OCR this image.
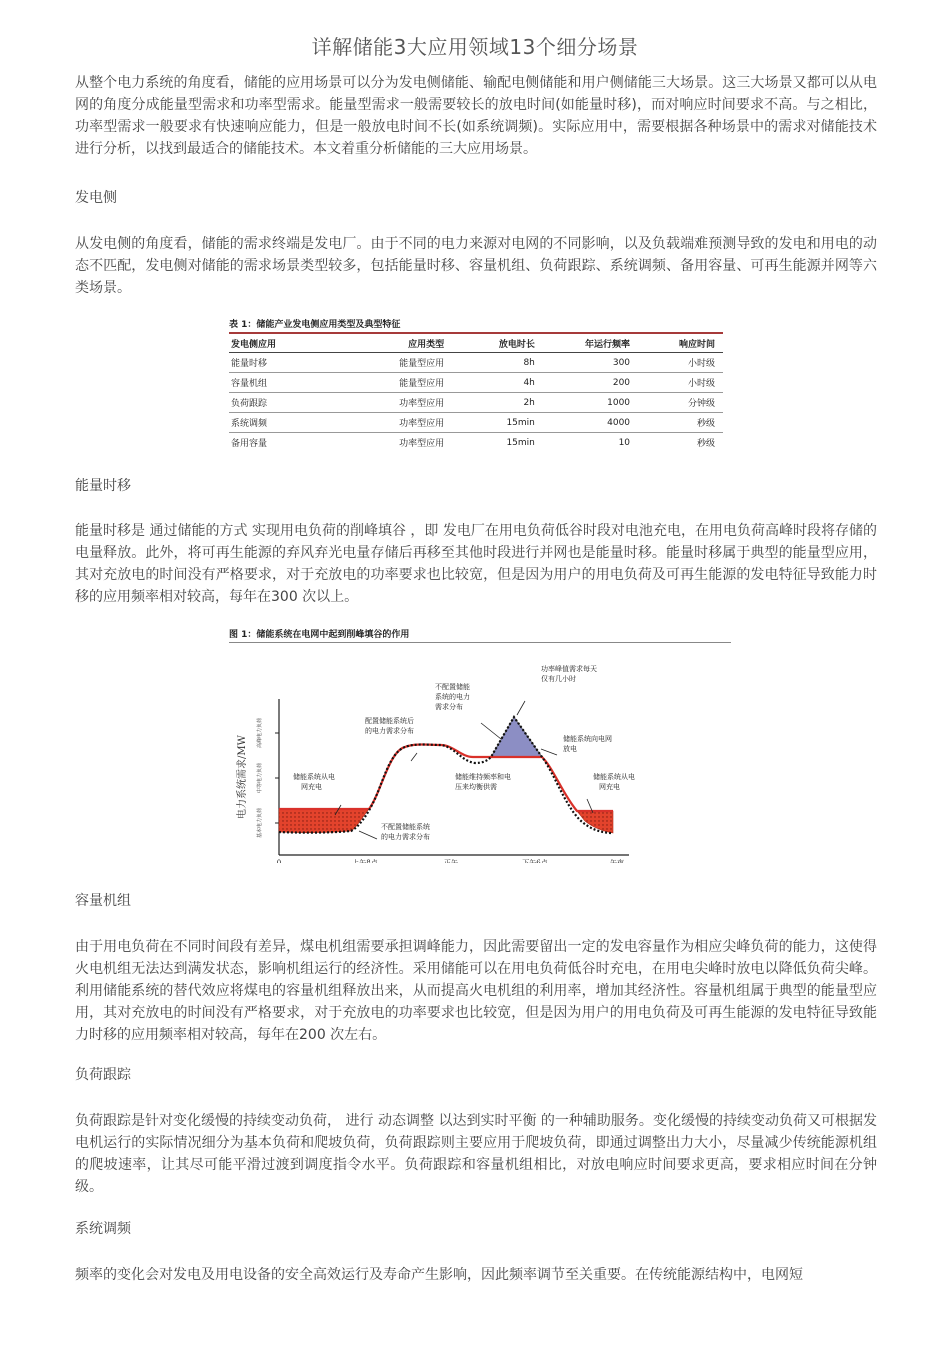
详解储能3大应用领域13个细分场景

从整个电力系统的角度看，储能的应用场景可以分为发电侧储能、输配电侧储能和用户侧储能三大场景。这三大场景又都可以从电网的角度分成能量型需求和功率型需求。能量型需求一般需要较长的放电时间(如能量时移)，而对响应时间要求不高。与之相比，功率型需求一般要求有快速响应能力，但是一般放电时间不长(如系统调频)。实际应用中，需要根据各种场景中的需求对储能技术进行分析，以找到最适合的储能技术。本文着重分析储能的三大应用场景。

发电侧

从发电侧的角度看，储能的需求终端是发电厂。由于不同的电力来源对电网的不同影响，以及负载端难预测导致的发电和用电的动态不匹配，发电侧对储能的需求场景类型较多，包括能量时移、容量机组、负荷跟踪、系统调频、备用容量、可再生能源并网等六类场景。

表 1：储能产业发电侧应用类型及典型特征
发电侧应用	应用类型	放电时长	年运行频率	响应时间
能量时移	能量型应用	8h	300	小时级
容量机组	能量型应用	4h	200	小时级
负荷跟踪	功率型应用	2h	1000	分钟级
系统调频	功率型应用	15min	4000	秒级
备用容量	功率型应用	15min	10	秒级

能量时移

能量时移是 通过储能的方式 实现用电负荷的削峰填谷 ，即 发电厂在用电负荷低谷时段对电池充电，在用电负荷高峰时段将存储的电量释放。此外，将可再生能源的弃风弃光电量存储后再移至其他时段进行并网也是能量时移。能量时移属于典型的能量型应用，其对充放电的时间没有严格要求，对于充放电的功率要求也比较宽，但是因为用户的用电负荷及可再生能源的发电特征导致能力时移的应用频率相对较高，每年在300 次以上。

图 1：储能系统在电网中起到削峰填谷的作用
电力系统需求/MW
高峰电力负荷
中等电力负荷
基本电力负荷
功率峰值需求每天 仅有几小时
不配置储能 系统的电力 需求分布
配置储能系统后 的电力需求分布
储能系统向电网 放电
储能系统从电 网充电
储能维持频率和电 压来均衡供需
储能系统从电 网充电
不配置储能系统 的电力需求分布
0	上午8点	正午	下午6点	午夜

容量机组

由于用电负荷在不同时间段有差异，煤电机组需要承担调峰能力，因此需要留出一定的发电容量作为相应尖峰负荷的能力，这使得火电机组无法达到满发状态，影响机组运行的经济性。采用储能可以在用电负荷低谷时充电，在用电尖峰时放电以降低负荷尖峰。利用储能系统的替代效应将煤电的容量机组释放出来，从而提高火电机组的利用率，增加其经济性。容量机组属于典型的能量型应用，其对充放电的时间没有严格要求，对于充放电的功率要求也比较宽，但是因为用户的用电负荷及可再生能源的发电特征导致能力时移的应用频率相对较高，每年在200 次左右。

负荷跟踪

负荷跟踪是针对变化缓慢的持续变动负荷， 进行 动态调整 以达到实时平衡 的一种辅助服务。变化缓慢的持续变动负荷又可根据发电机运行的实际情况细分为基本负荷和爬坡负荷，负荷跟踪则主要应用于爬坡负荷，即通过调整出力大小，尽量减少传统能源机组的爬坡速率，让其尽可能平滑过渡到调度指令水平。负荷跟踪和容量机组相比，对放电响应时间要求更高，要求相应时间在分钟级。

系统调频

频率的变化会对发电及用电设备的安全高效运行及寿命产生影响，因此频率调节至关重要。在传统能源结构中，电网短
